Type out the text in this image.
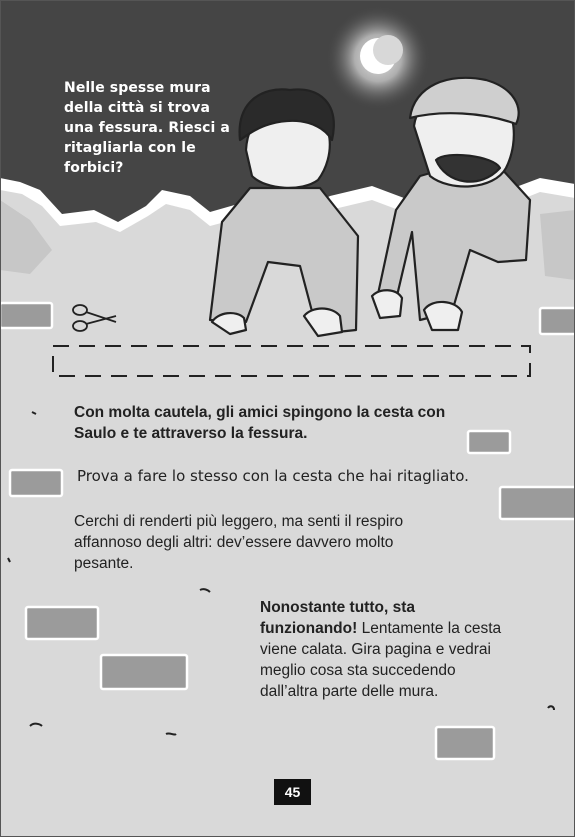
Nelle spesse mura della città si trova una fessura. Riesci a ritagliarla con le forbici?
Con molta cautela, gli amici spingono la cesta con Saulo e te attraverso la fessura.
Prova a fare lo stesso con la cesta che hai ritagliato.
Cerchi di renderti più leggero, ma senti il respiro affannoso degli altri: dev’essere davvero molto pesante.
Nonostante tutto, sta funzionando! Lentamente la cesta viene calata. Gira pagina e vedrai meglio cosa sta succedendo dall’altra parte delle mura.
45
